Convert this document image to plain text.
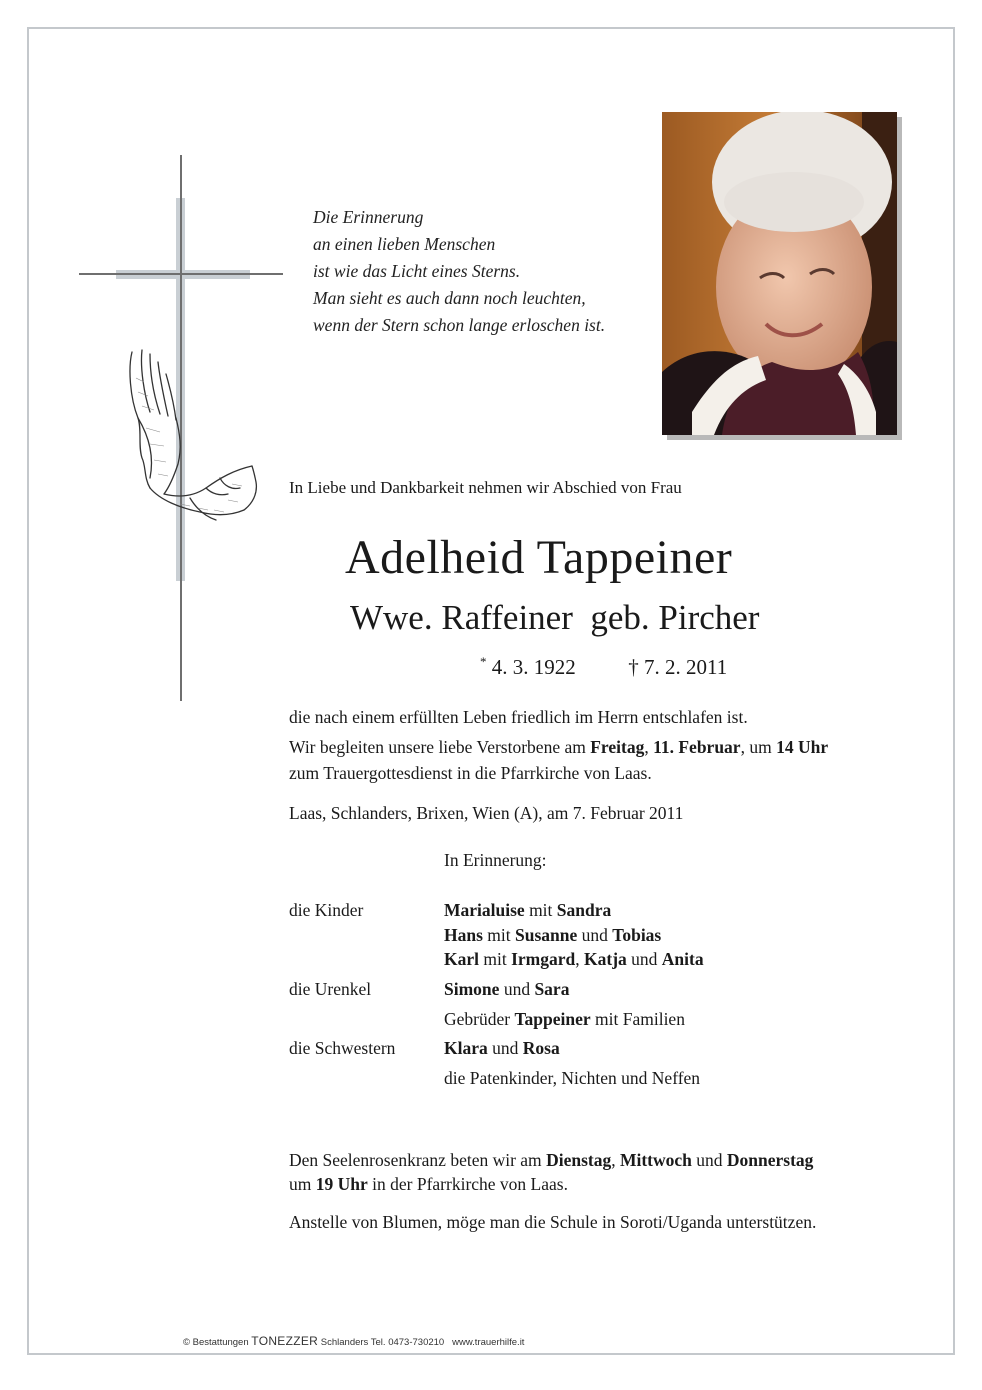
Die Erinnerung
an einen lieben Menschen
ist wie das Licht eines Sterns.
Man sieht es auch dann noch leuchten,
wenn der Stern schon lange erloschen ist.
In Liebe und Dankbarkeit nehmen wir Abschied von Frau
Adelheid Tappeiner
Wwe. Raffeiner  geb. Pircher
* 4. 3. 1922	† 7. 2. 2011
die nach einem erfüllten Leben friedlich im Herrn entschlafen ist.
Wir begleiten unsere liebe Verstorbene am Freitag, 11. Februar, um 14 Uhr
zum Trauergottesdienst in die Pfarrkirche von Laas.
Laas, Schlanders, Brixen, Wien (A), am 7. Februar 2011
In Erinnerung:
die Kinder	Marialuise mit Sandra
Hans mit Susanne und Tobias
Karl mit Irmgard, Katja und Anita
die Urenkel	Simone und Sara
Gebrüder Tappeiner mit Familien
die Schwestern	Klara und Rosa
die Patenkinder, Nichten und Neffen
Den Seelenrosenkranz beten wir am Dienstag, Mittwoch und Donnerstag
um 19 Uhr in der Pfarrkirche von Laas.
Anstelle von Blumen, möge man die Schule in Soroti/Uganda unterstützen.
© Bestattungen TONEZZER Schlanders Tel. 0473-730210   www.trauerhilfe.it
